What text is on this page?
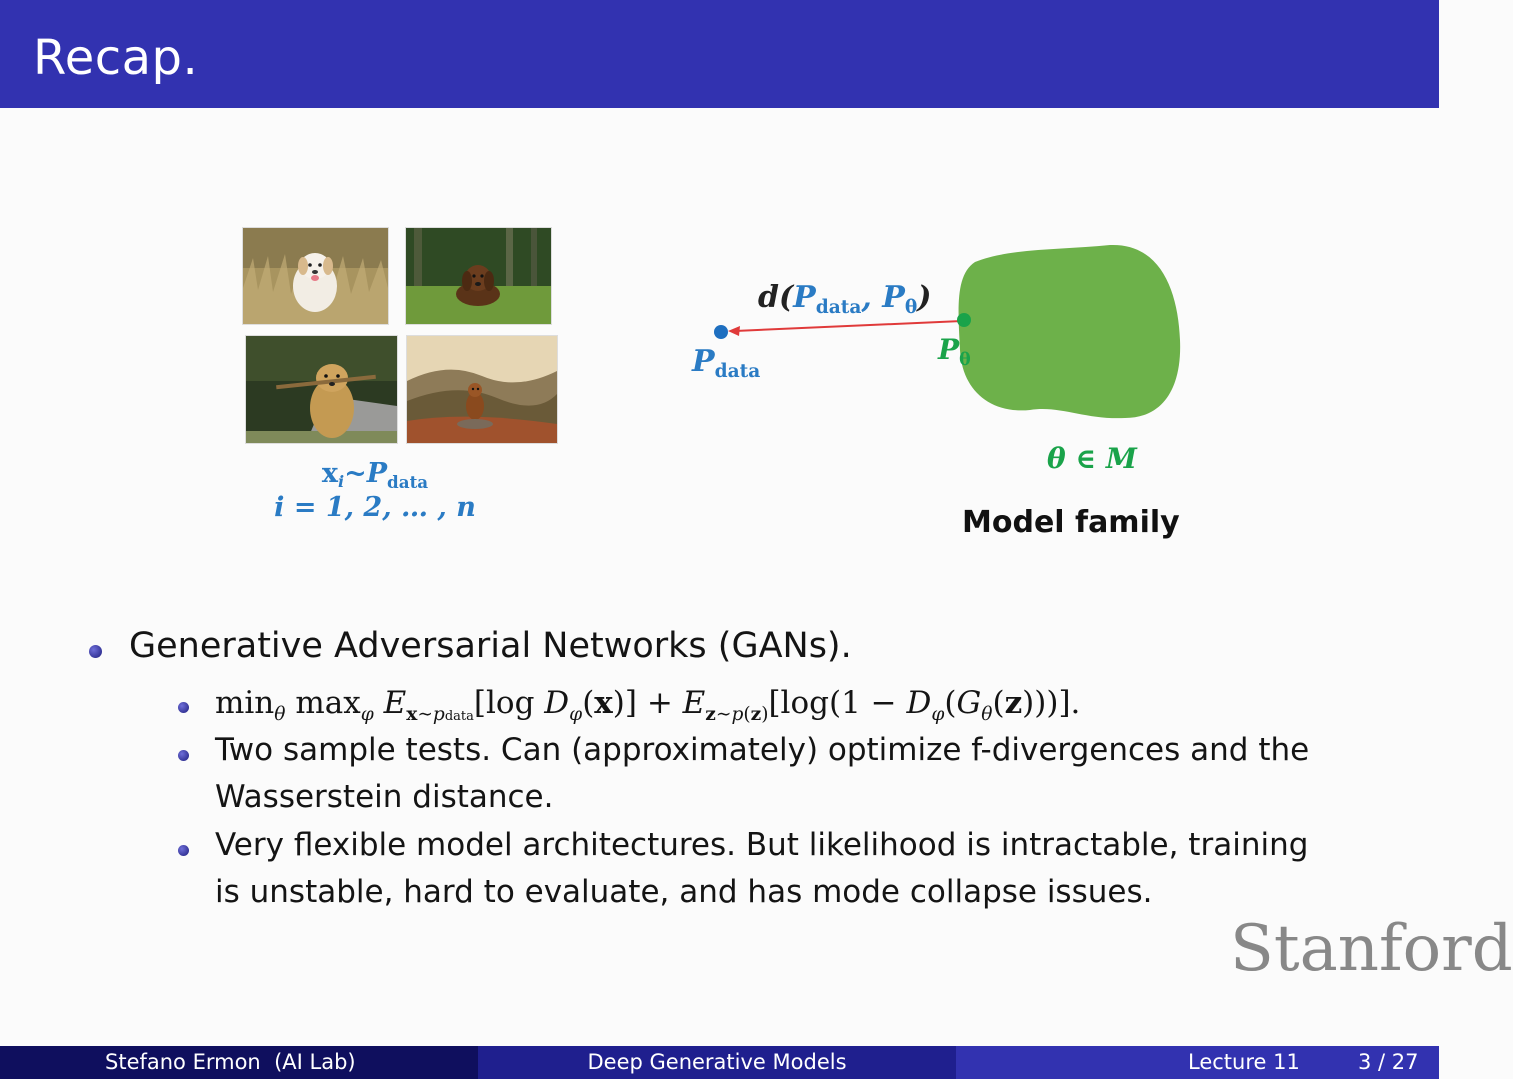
Recap.
$x_i\sim P_{data}$
i = 1, 2, … , n
$d(P_{data}$, $P_\theta$)
$P_{data}$
$P_\theta$
θ ∈ M
Model family
Generative Adversarial Networks (GANs).
$\min_\theta \max_\varphi E_{x\sim pdata}[\log$ $D_\varphi(x)] + E_{z\sim p(z)}[\log(1 - D_\varphi(G_\theta(z)))]$.
Two sample tests. Can (approximately) optimize f-divergences and the
Wasserstein distance.
Very flexible model architectures. But likelihood is intractable, training
is unstable, hard to evaluate, and has mode collapse issues.
Stanford
Stefano Ermon  (AI Lab)	Deep Generative Models	Lecture 11	3 / 27
